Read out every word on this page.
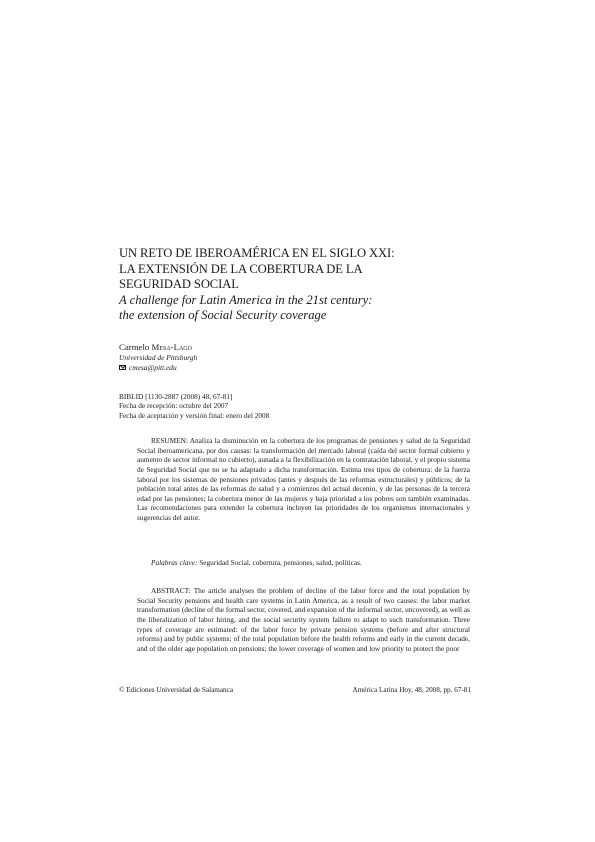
UN RETO DE IBEROAMÉRICA EN EL SIGLO XXI:
LA EXTENSIÓN DE LA COBERTURA DE LA
SEGURIDAD SOCIAL
A challenge for Latin America in the 21st century:
the extension of Social Security coverage
Carmelo Mesa-Lago
Universidad de Pittsburgh
cmesa@pitt.edu
BIBLID [1130-2887 (2008) 48, 67-81]
Fecha de recepción: octubre del 2007
Fecha de aceptación y versión final: enero del 2008
RESUMEN: Analiza la disminución en la cobertura de los programas de pensiones y salud de la Seguridad Social iberoamericana, por dos causas: la transformación del mercado laboral (caída del sector formal cubierto y aumento de sector informal no cubierto), aunada a la flexibilización en la contratación laboral, y el propio sistema de Seguridad Social que no se ha adaptado a dicha transformación. Estima tres tipos de cobertura: de la fuerza laboral por los sistemas de pensiones privados (antes y después de las reformas estructurales) y públicos; de la población total antes de las reformas de salud y a comienzos del actual decenio, y de las personas de la tercera edad por las pensiones; la cobertura menor de las mujeres y baja prioridad a los pobres son también examinadas. Las recomendaciones para extender la cobertura incluyen las prioridades de los organismos internacionales y sugerencias del autor.
Palabras clave: Seguridad Social, cobertura, pensiones, salud, políticas.
ABSTRACT: The article analyses the problem of decline of the labor force and the total population by Social Security pensions and health care systems in Latin America, as a result of two causes: the labor market transformation (decline of the formal sector, covered, and expansion of the informal sector, uncovered), as well as the liberalization of labor hiring, and the social security system failure to adapt to such transformation. Three types of coverage are estimated: of the labor force by private pension systems (before and after structural reforms) and by public systems; of the total population before the health reforms and early in the current decade, and of the older age population on pensions; the lower coverage of women and low priority to protect the poor
© Ediciones Universidad de Salamanca	América Latina Hoy, 48, 2008, pp. 67-81
